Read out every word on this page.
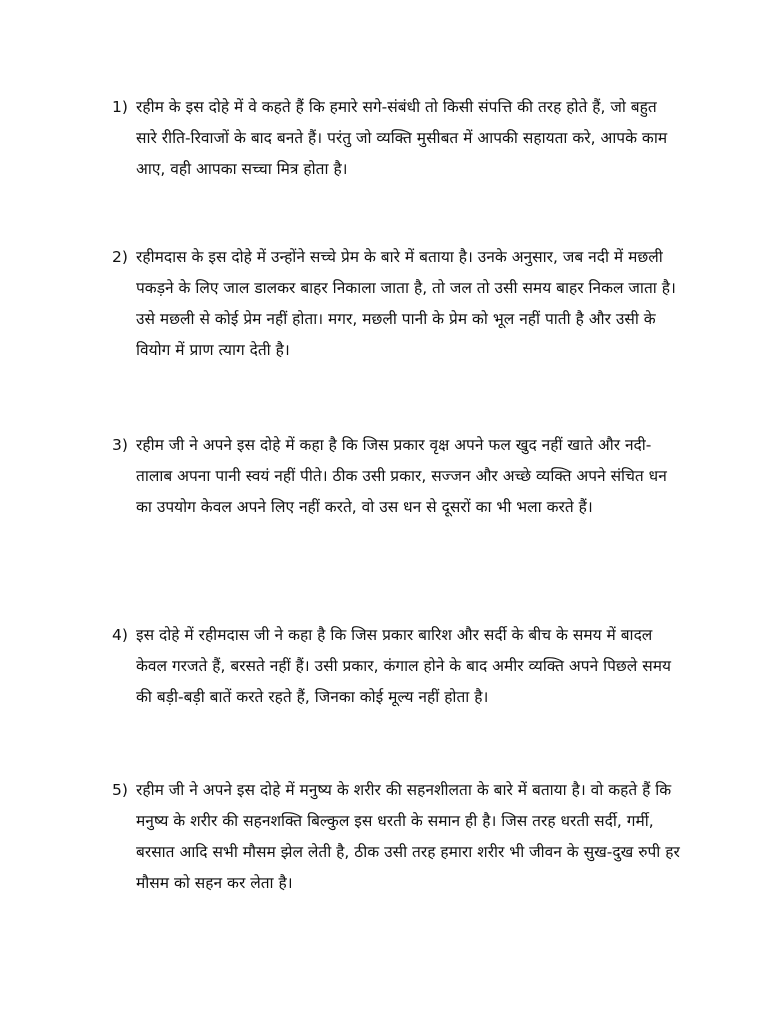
1) रहीम के इस दोहे में वे कहते हैं कि हमारे सगे-संबंधी तो किसी संपत्ति की तरह होते हैं, जो बहुत सारे रीति-रिवाजों के बाद बनते हैं। परंतु जो व्यक्ति मुसीबत में आपकी सहायता करे, आपके काम आए, वही आपका सच्चा मित्र होता है।
2) रहीमदास के इस दोहे में उन्होंने सच्चे प्रेम के बारे में बताया है। उनके अनुसार, जब नदी में मछली पकड़ने के लिए जाल डालकर बाहर निकाला जाता है, तो जल तो उसी समय बाहर निकल जाता है। उसे मछली से कोई प्रेम नहीं होता। मगर, मछली पानी के प्रेम को भूल नहीं पाती है और उसी के वियोग में प्राण त्याग देती है।
3) रहीम जी ने अपने इस दोहे में कहा है कि जिस प्रकार वृक्ष अपने फल खुद नहीं खाते और नदी-तालाब अपना पानी स्वयं नहीं पीते। ठीक उसी प्रकार, सज्जन और अच्छे व्यक्ति अपने संचित धन का उपयोग केवल अपने लिए नहीं करते, वो उस धन से दूसरों का भी भला करते हैं।
4) इस दोहे में रहीमदास जी ने कहा है कि जिस प्रकार बारिश और सर्दी के बीच के समय में बादल केवल गरजते हैं, बरसते नहीं हैं। उसी प्रकार, कंगाल होने के बाद अमीर व्यक्ति अपने पिछले समय की बड़ी-बड़ी बातें करते रहते हैं, जिनका कोई मूल्य नहीं होता है।
5) रहीम जी ने अपने इस दोहे में मनुष्य के शरीर की सहनशीलता के बारे में बताया है। वो कहते हैं कि मनुष्य के शरीर की सहनशक्ति बिल्कुल इस धरती के समान ही है। जिस तरह धरती सर्दी, गर्मी, बरसात आदि सभी मौसम झेल लेती है, ठीक उसी तरह हमारा शरीर भी जीवन के सुख-दुख रुपी हर मौसम को सहन कर लेता है।
